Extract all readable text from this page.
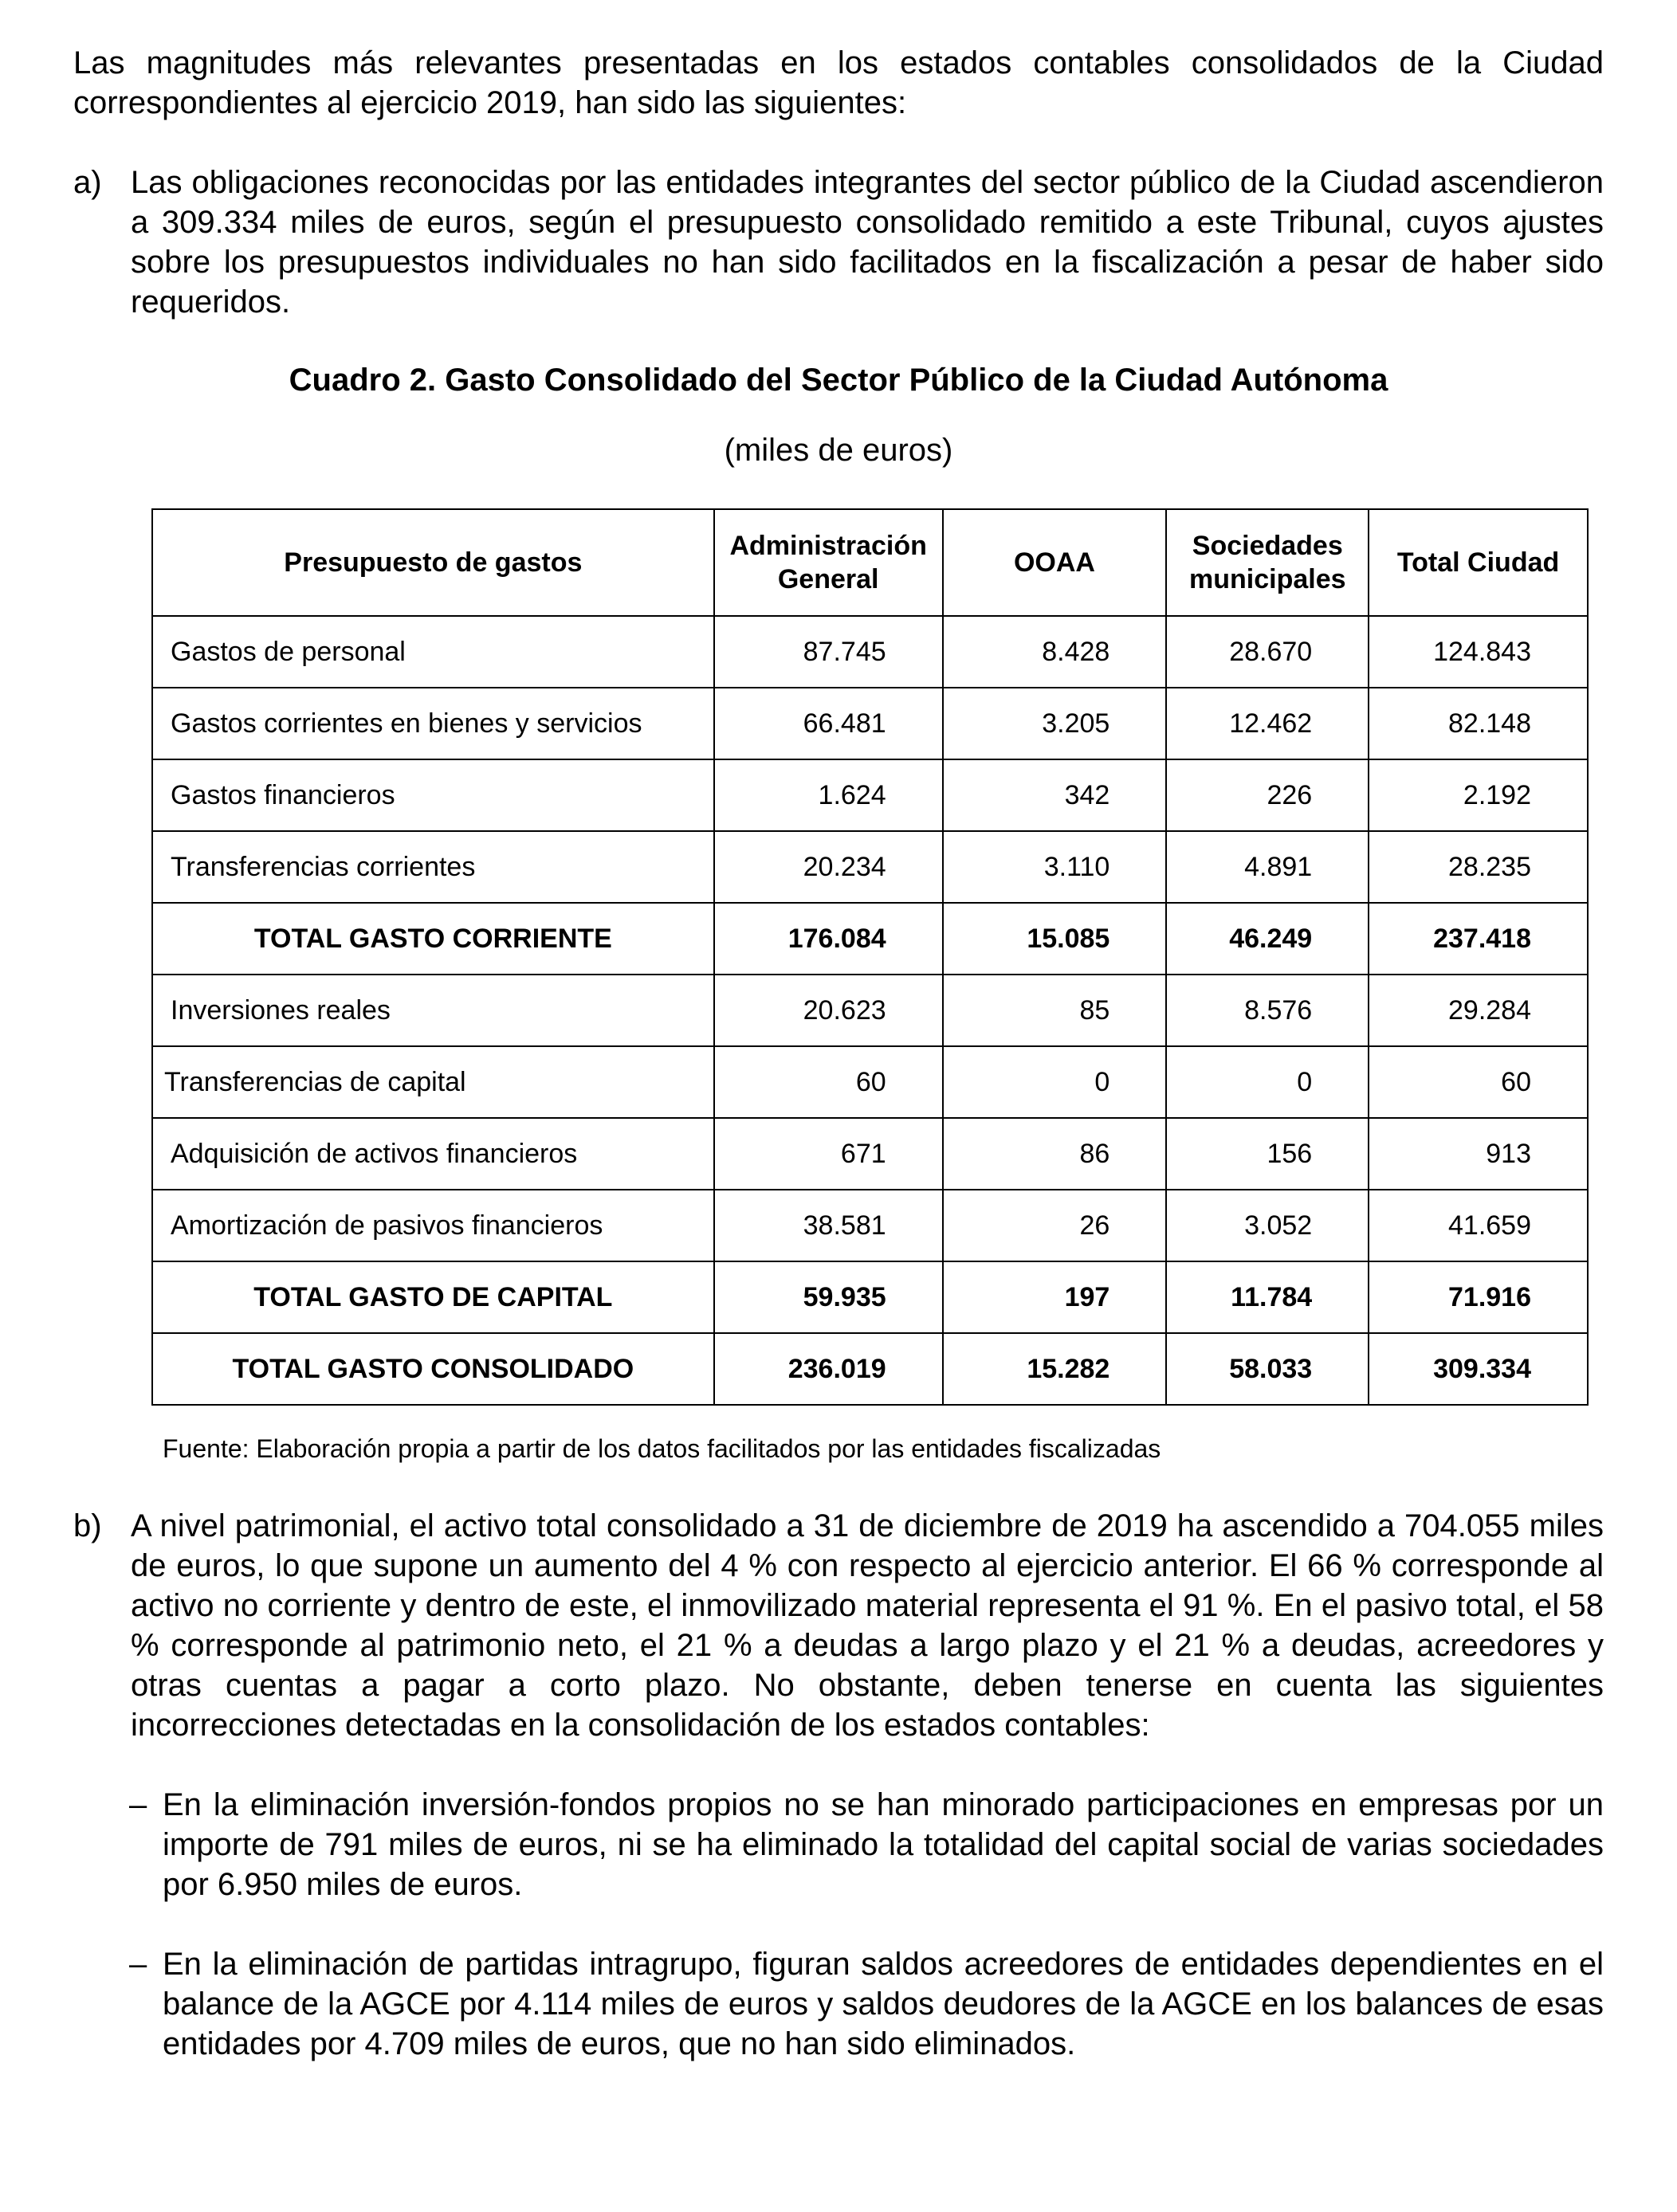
Las magnitudes más relevantes presentadas en los estados contables consolidados de la Ciudad correspondientes al ejercicio 2019, han sido las siguientes:

a) Las obligaciones reconocidas por las entidades integrantes del sector público de la Ciudad ascendieron a 309.334 miles de euros, según el presupuesto consolidado remitido a este Tribunal, cuyos ajustes sobre los presupuestos individuales no han sido facilitados en la fiscalización a pesar de haber sido requeridos.
Cuadro 2. Gasto Consolidado del Sector Público de la Ciudad Autónoma
(miles de euros)
Presupuesto de gastos	Administración General	OOAA	Sociedades municipales	Total Ciudad
Gastos de personal	87.745	8.428	28.670	124.843
Gastos corrientes en bienes y servicios	66.481	3.205	12.462	82.148
Gastos financieros	1.624	342	226	2.192
Transferencias corrientes	20.234	3.110	4.891	28.235
TOTAL GASTO CORRIENTE	176.084	15.085	46.249	237.418
Inversiones reales	20.623	85	8.576	29.284
Transferencias de capital	60	0	0	60
Adquisición de activos financieros	671	86	156	913
Amortización de pasivos financieros	38.581	26	3.052	41.659
TOTAL GASTO DE CAPITAL	59.935	197	11.784	71.916
TOTAL GASTO CONSOLIDADO	236.019	15.282	58.033	309.334
Fuente: Elaboración propia a partir de los datos facilitados por las entidades fiscalizadas
b) A nivel patrimonial, el activo total consolidado a 31 de diciembre de 2019 ha ascendido a 704.055 miles de euros, lo que supone un aumento del 4 % con respecto al ejercicio anterior. El 66 % corresponde al activo no corriente y dentro de este, el inmovilizado material representa el 91 %. En el pasivo total, el 58 % corresponde al patrimonio neto, el 21 % a deudas a largo plazo y el 21 % a deudas, acreedores y otras cuentas a pagar a corto plazo. No obstante, deben tenerse en cuenta las siguientes incorrecciones detectadas en la consolidación de los estados contables:
– En la eliminación inversión-fondos propios no se han minorado participaciones en empresas por un importe de 791 miles de euros, ni se ha eliminado la totalidad del capital social de varias sociedades por 6.950 miles de euros.
– En la eliminación de partidas intragrupo, figuran saldos acreedores de entidades dependientes en el balance de la AGCE por 4.114 miles de euros y saldos deudores de la AGCE en los balances de esas entidades por 4.709 miles de euros, que no han sido eliminados.
